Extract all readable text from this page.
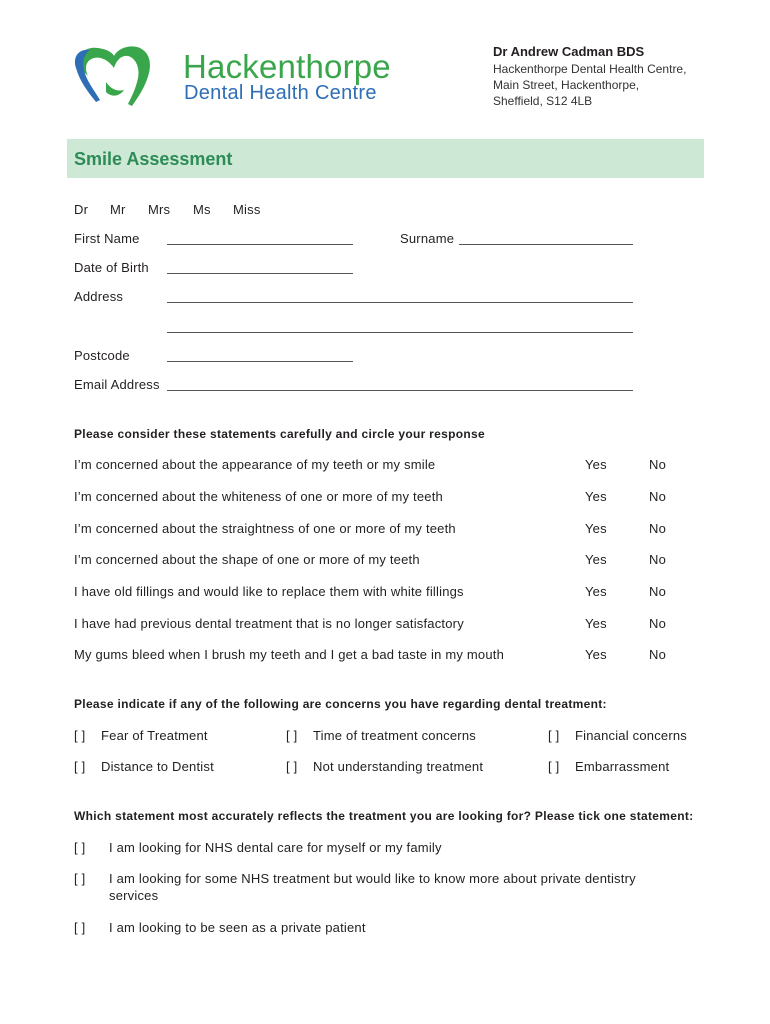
Hackenthorpe
Dental Health Centre
Dr Andrew Cadman BDS
Hackenthorpe Dental Health Centre,
Main Street, Hackenthorpe,
Sheffield, S12 4LB
Smile Assessment
Dr Mr Mrs Ms Miss
First Name	Surname
Date of Birth
Address
Postcode
Email Address
Please consider these statements carefully and circle your response
I’m concerned about the appearance of my teeth or my smile	Yes	No
I’m concerned about the whiteness of one or more of my teeth	Yes	No
I’m concerned about the straightness of one or more of my teeth	Yes	No
I’m concerned about the shape of one or more of my teeth	Yes	No
I have old fillings and would like to replace them with white fillings	Yes	No
I have had previous dental treatment that is no longer satisfactory	Yes	No
My gums bleed when I brush my teeth and I get a bad taste in my mouth	Yes	No
Please indicate if any of the following are concerns you have regarding dental treatment:
[ ] Fear of Treatment	[ ] Time of treatment concerns	[ ] Financial concerns
[ ] Distance to Dentist	[ ] Not understanding treatment	[ ] Embarrassment
Which statement most accurately reflects the treatment you are looking for? Please tick one statement:
[ ] I am looking for NHS dental care for myself or my family
[ ] I am looking for some NHS treatment but would like to know more about private dentistry
services
[ ] I am looking to be seen as a private patient
